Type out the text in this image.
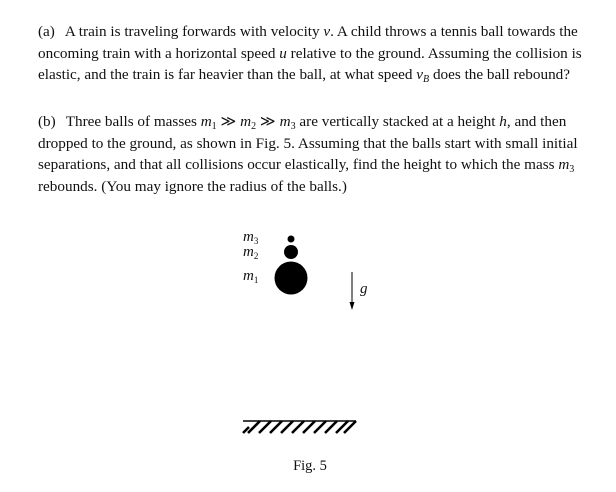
(a) A train is traveling forwards with velocity v. A child throws a tennis ball towards the oncoming train with a horizontal speed u relative to the ground. Assuming the collision is elastic, and the train is far heavier than the ball, at what speed $v_B$ does the ball rebound?

(b) Three balls of masses $m_1$ ≫ $m_2$ ≫ $m_3$ are vertically stacked at a height h, and then dropped to the ground, as shown in Fig. 5. Assuming that the balls start with small initial separations, and that all collisions occur elastically, find the height to which the mass $m_3$ rebounds. (You may ignore the radius of the balls.)

$m_3$
$m_2$
$m_1$
g
Fig. 5
